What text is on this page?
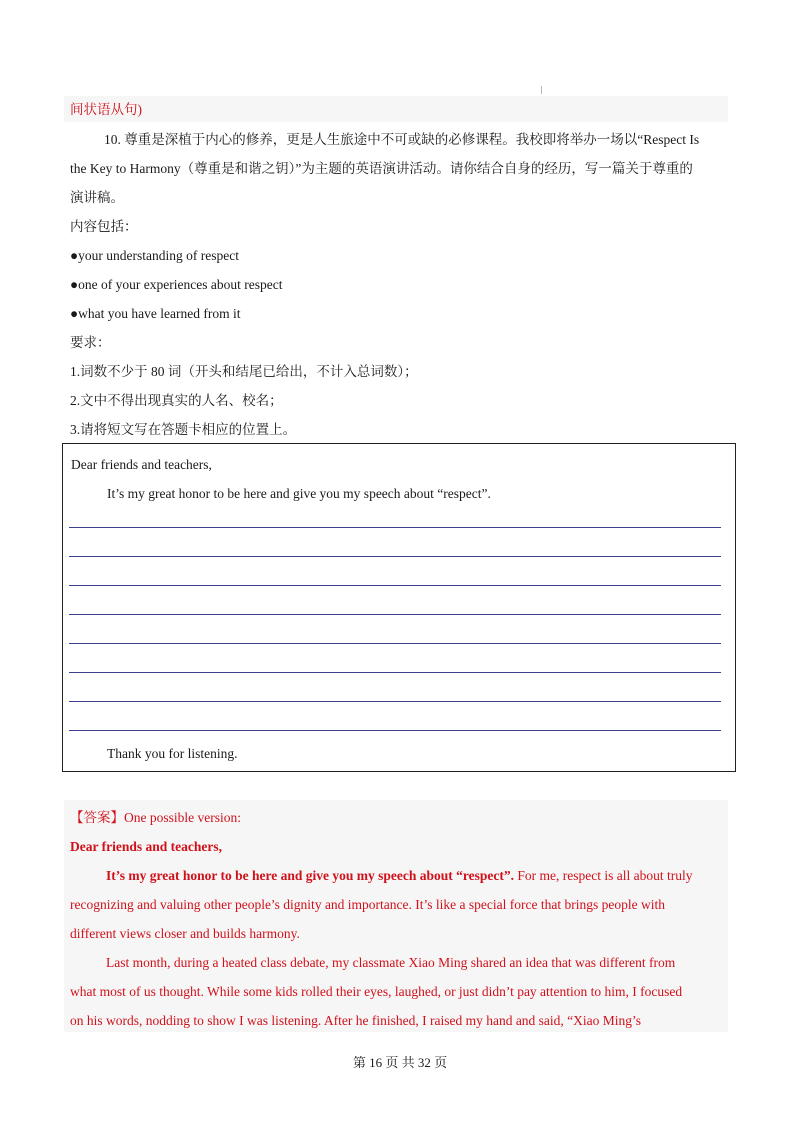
间状语从句)
10. 尊重是深植于内心的修养，更是人生旅途中不可或缺的必修课程。我校即将举办一场以“Respect Is
the Key to Harmony（尊重是和谐之钥）”为主题的英语演讲活动。请你结合自身的经历，写一篇关于尊重的
演讲稿。
内容包括：
●your understanding of respect
●one of your experiences about respect
●what you have learned from it
要求：
1.词数不少于 80 词（开头和结尾已给出，不计入总词数）；
2.文中不得出现真实的人名、校名；
3.请将短文写在答题卡相应的位置上。
Dear friends and teachers,
It’s my great honor to be here and give you my speech about “respect”.
Thank you for listening.
【答案】One possible version:
Dear friends and teachers,
It’s my great honor to be here and give you my speech about “respect”. For me, respect is all about truly
recognizing and valuing other people’s dignity and importance. It’s like a special force that brings people with
different views closer and builds harmony.
Last month, during a heated class debate, my classmate Xiao Ming shared an idea that was different from
what most of us thought. While some kids rolled their eyes, laughed, or just didn’t pay attention to him, I focused
on his words, nodding to show I was listening. After he finished, I raised my hand and said, “Xiao Ming’s
第 16 页 共 32 页
